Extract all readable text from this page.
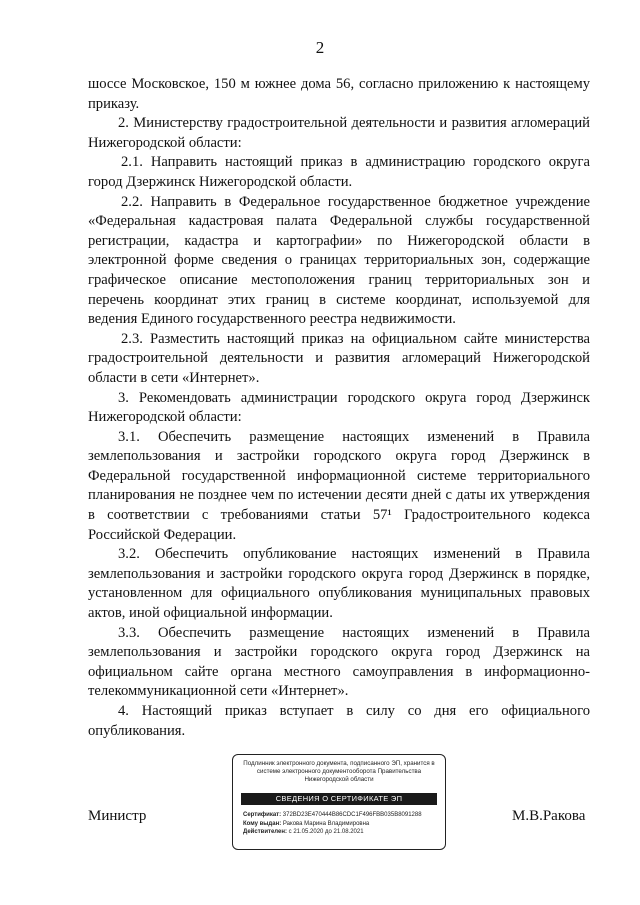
2

шоссе Московское, 150 м южнее дома 56, согласно приложению к настоящему приказу.

2. Министерству градостроительной деятельности и развития агломераций Нижегородской области:

2.1. Направить настоящий приказ в администрацию городского округа город Дзержинск Нижегородской области.

2.2. Направить в Федеральное государственное бюджетное учреждение «Федеральная кадастровая палата Федеральной службы государственной регистрации, кадастра и картографии» по Нижегородской области в электронной форме сведения о границах территориальных зон, содержащие графическое описание местоположения границ территориальных зон и перечень координат этих границ в системе координат, используемой для ведения Единого государственного реестра недвижимости.

2.3. Разместить настоящий приказ на официальном сайте министерства градостроительной деятельности и развития агломераций Нижегородской области в сети «Интернет».

3. Рекомендовать администрации городского округа город Дзержинск Нижегородской области:

3.1. Обеспечить размещение настоящих изменений в Правила землепользования и застройки городского округа город Дзержинск в Федеральной государственной информационной системе территориального планирования не позднее чем по истечении десяти дней с даты их утверждения в соответствии с требованиями статьи 57¹ Градостроительного кодекса Российской Федерации.

3.2. Обеспечить опубликование настоящих изменений в Правила землепользования и застройки городского округа город Дзержинск в порядке, установленном для официального опубликования муниципальных правовых актов, иной официальной информации.

3.3. Обеспечить размещение настоящих изменений в Правила землепользования и застройки городского округа город Дзержинск на официальном сайте органа местного самоуправления в информационно-телекоммуникационной сети «Интернет».

4. Настоящий приказ вступает в силу со дня его официального опубликования.

Министр	М.В.Ракова
Подлинник электронного документа, подписанного ЭП, хранится в системе электронного документооборота Правительства Нижегородской области
СВЕДЕНИЯ О СЕРТИФИКАТЕ ЭП
Сертификат: 372BD23E470444B86CDC1F496FBB035B8091288
Кому выдан: Ракова Марина Владимировна
Действителен: с 21.05.2020 до 21.08.2021
